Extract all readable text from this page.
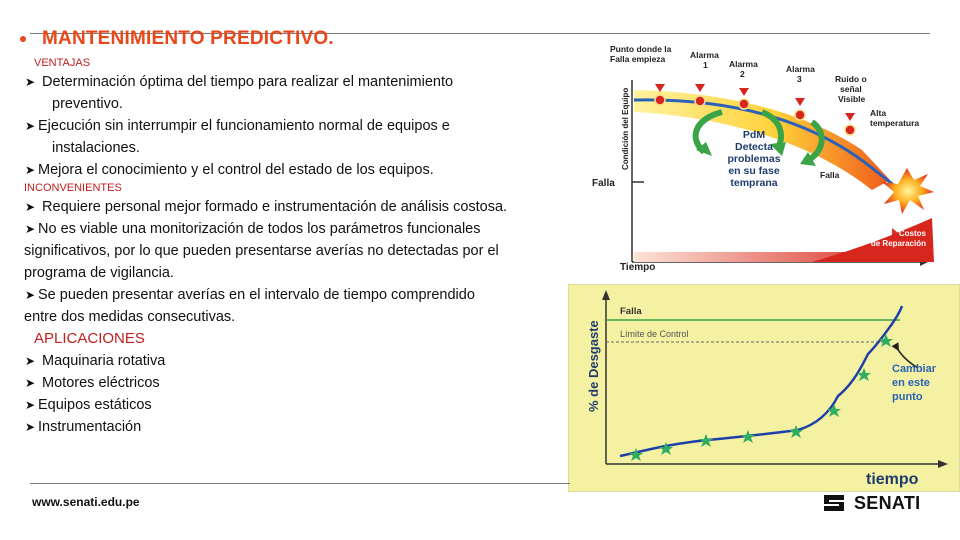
MANTENIMIENTO PREDICTIVO.
VENTAJAS
➤ Determinación óptima del tiempo para realizar el mantenimiento
preventivo.
➤ Ejecución sin interrumpir el funcionamiento normal de equipos e
instalaciones.
➤ Mejora el conocimiento y el control del estado de los equipos.
INCONVENIENTES
➤ Requiere personal mejor formado e instrumentación de análisis costosa.
➤ No es viable una monitorización de todos los parámetros funcionales
significativos, por lo que pueden presentarse averías no detectadas por el
programa de vigilancia.
➤ Se pueden presentar averías en el intervalo de tiempo comprendido
entre dos medidas consecutivas.
APLICACIONES
➤ Maquinaria rotativa
➤ Motores eléctricos
➤ Equipos estáticos
➤ Instrumentación
Punto donde la
Falla empieza	Alarma
1	Alarma
2	Alarma
3	Ruido o
señal
Visible
Alta
temperatura
Falla
PdM
Detecta
problemas
en su fase
temprana
Falla
Tiempo
Condición del Equipo
Costos
de Reparación
Falla
Límite de Control
Cambiar
en este
punto
tiempo
% de Desgaste
www.senati.edu.pe	SENATI
